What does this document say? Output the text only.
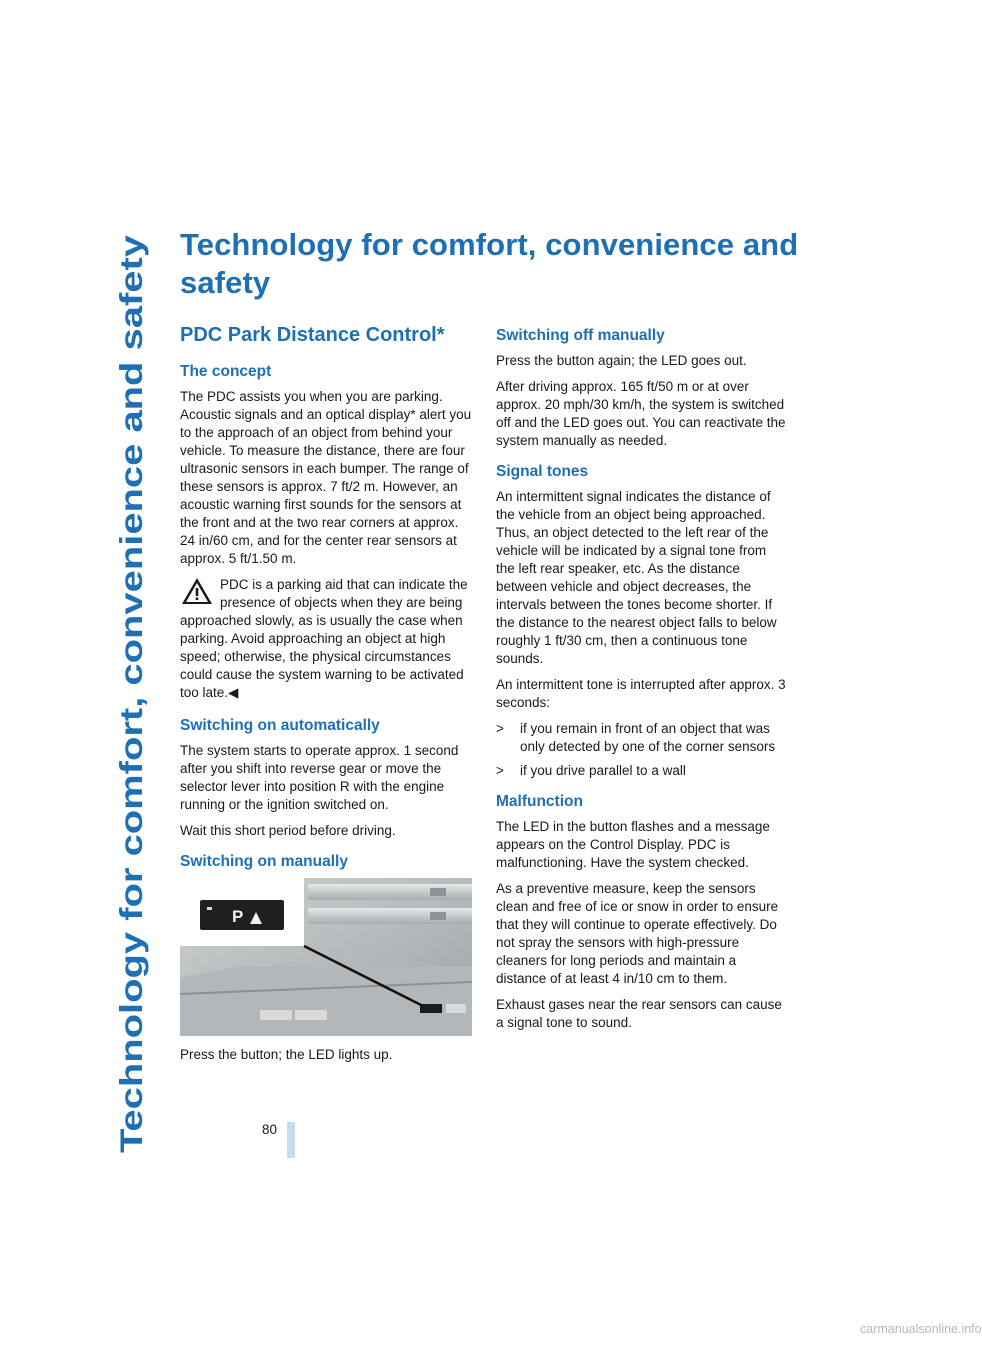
Technology for comfort, convenience and safety
Technology for comfort, convenience and safety
PDC Park Distance Control*
The concept

The PDC assists you when you are parking. Acoustic signals and an optical display* alert you to the approach of an object from behind your vehicle. To measure the distance, there are four ultrasonic sensors in each bumper. The range of these sensors is approx. 7 ft/2 m. However, an acoustic warning first sounds for the sensors at the front and at the two rear corners at approx. 24 in/60 cm, and for the center rear sensors at approx. 5 ft/1.50 m.

PDC is a parking aid that can indicate the presence of objects when they are being approached slowly, as is usually the case when parking. Avoid approaching an object at high speed; otherwise, the physical circumstances could cause the system warning to be activated too late.◀
Switching on automatically

The system starts to operate approx. 1 second after you shift into reverse gear or move the selector lever into position R with the engine running or the ignition switched on.

Wait this short period before driving.

Switching on manually
P

Press the button; the LED lights up.

Switching off manually

Press the button again; the LED goes out.

After driving approx. 165 ft/50 m or at over approx. 20 mph/30 km/h, the system is switched off and the LED goes out. You can reactivate the system manually as needed.

Signal tones

An intermittent signal indicates the distance of the vehicle from an object being approached. Thus, an object detected to the left rear of the vehicle will be indicated by a signal tone from the left rear speaker, etc. As the distance between vehicle and object decreases, the intervals between the tones become shorter. If the distance to the nearest object falls to below roughly 1 ft/30 cm, then a continuous tone sounds.

An intermittent tone is interrupted after approx. 3 seconds:

> if you remain in front of an object that was only detected by one of the corner sensors
> if you drive parallel to a wall
Malfunction

The LED in the button flashes and a message appears on the Control Display. PDC is malfunctioning. Have the system checked.

As a preventive measure, keep the sensors clean and free of ice or snow in order to ensure that they will continue to operate effectively. Do not spray the sensors with high-pressure cleaners for long periods and maintain a distance of at least 4 in/10 cm to them.

Exhaust gases near the rear sensors can cause a signal tone to sound.

80
carmanualsonline.info
